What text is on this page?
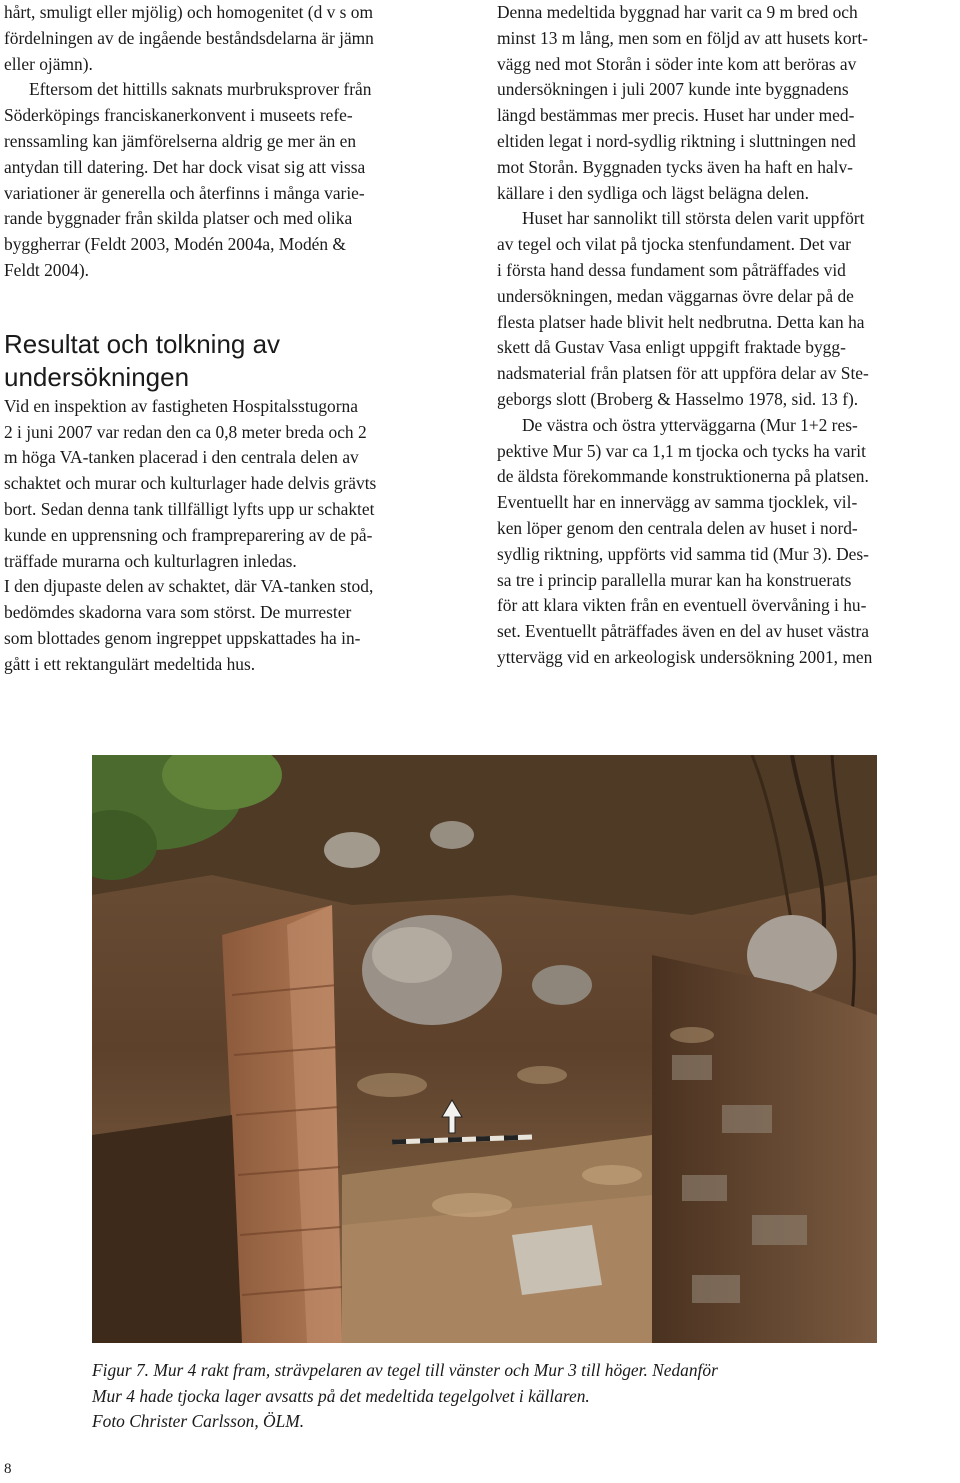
hårt, smuligt eller mjölig) och homogenitet (d v s om
fördelningen av de ingående beståndsdelarna är jämn
eller ojämn).
Eftersom det hittills saknats murbruksprover från
Söderköpings franciskanerkonvent i museets refe-
renssamling kan jämförelserna aldrig ge mer än en
antydan till datering. Det har dock visat sig att vissa
variationer är generella och återfinns i många varie-
rande byggnader från skilda platser och med olika
byggherrar (Feldt 2003, Modén 2004a, Modén &
Feldt 2004).
Resultat och tolkning av
undersökningen
Vid en inspektion av fastigheten Hospitalsstugorna
2 i juni 2007 var redan den ca 0,8 meter breda och 2
m höga VA-tanken placerad i den centrala delen av
schaktet och murar och kulturlager hade delvis grävts
bort. Sedan denna tank tillfälligt lyfts upp ur schaktet
kunde en upprensning och frampreparering av de på-
träffade murarna och kulturlagren inledas.
I den djupaste delen av schaktet, där VA-tanken stod,
bedömdes skadorna vara som störst. De murrester
som blottades genom ingreppet uppskattades ha in-
gått i ett rektangulärt medeltida hus.
Denna medeltida byggnad har varit ca 9 m bred och
minst 13 m lång, men som en följd av att husets kort-
vägg ned mot Storån i söder inte kom att beröras av
undersökningen i juli 2007 kunde inte byggnadens
längd bestämmas mer precis. Huset har under med-
eltiden legat i nord-sydlig riktning i sluttningen ned
mot Storån. Byggnaden tycks även ha haft en halv-
källare i den sydliga och lägst belägna delen.
Huset har sannolikt till största delen varit uppfört
av tegel och vilat på tjocka stenfundament. Det var
i första hand dessa fundament som påträffades vid
undersökningen, medan väggarnas övre delar på de
flesta platser hade blivit helt nedbrutna. Detta kan ha
skett då Gustav Vasa enligt uppgift fraktade bygg-
nadsmaterial från platsen för att uppföra delar av Ste-
geborgs slott (Broberg & Hasselmo 1978, sid. 13 f).
De västra och östra ytterväggarna (Mur 1+2 res-
pektive Mur 5) var ca 1,1 m tjocka och tycks ha varit
de äldsta förekommande konstruktionerna på platsen.
Eventuellt har en innervägg av samma tjocklek, vil-
ken löper genom den centrala delen av huset i nord-
sydlig riktning, uppförts vid samma tid (Mur 3). Des-
sa tre i princip parallella murar kan ha konstruerats
för att klara vikten från en eventuell övervåning i hu-
set. Eventuellt påträffades även en del av huset västra
yttervägg vid en arkeologisk undersökning 2001, men
Figur 7. Mur 4 rakt fram, strävpelaren av tegel till vänster och Mur 3 till höger. Nedanför
Mur 4 hade tjocka lager avsatts på det medeltida tegelgolvet i källaren.
Foto Christer Carlsson, ÖLM.
8
